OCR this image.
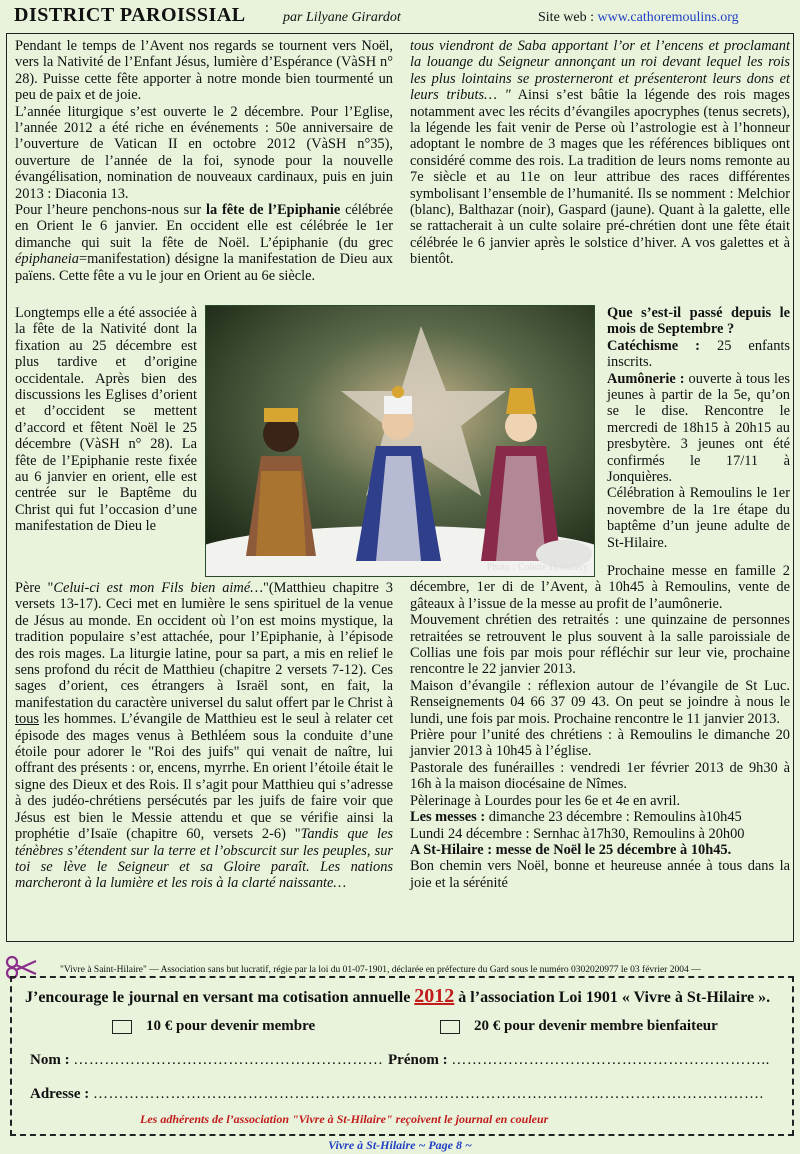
DISTRICT PAROISSIAL	par Lilyane Girardot	Site web : www.cathoremoulins.org

Pendant le temps de l’Avent nos regards se tournent vers Noël, vers la Nativité de l’Enfant Jésus, lumière d’Espérance (VàSH n° 28). Puisse cette fête apporter à notre monde bien tourmenté un peu de paix et de joie.

L’année liturgique s’est ouverte le 2 décembre. Pour l’Eglise, l’année 2012 a été riche en événements : 50e anniversaire de l’ouverture de Vatican II en octobre 2012 (VàSH n°35), ouverture de l’année de la foi, synode pour la nouvelle évangélisation, nomination de nouveaux cardinaux, puis en juin 2013 : Diaconia 13.

Pour l’heure penchons-nous sur la fête de l’Epiphanie célébrée en Orient le 6 janvier. En occident elle est célébrée le 1er dimanche qui suit la fête de Noël. L’épiphanie (du grec épiphaneia=manifestation) désigne la manifestation de Dieu aux païens. Cette fête a vu le jour en Orient au 6e siècle.

Longtemps elle a été associée à la fête de la Nativité dont la fixation au 25 décembre est plus tardive et d’origine occidentale. Après bien des discussions les Eglises d’orient et d’occident se mettent d’accord et fêtent Noël le 25 décembre (VàSH n° 28). La fête de l’Epiphanie reste fixée au 6 janvier en orient, elle est centrée sur le Baptême du Christ qui fut l’occasion d’une manifestation de Dieu le
Photo : Colette Hostaléry
Père "Celui-ci est mon Fils bien aimé…"(Matthieu chapitre 3 versets 13-17). Ceci met en lumière le sens spirituel de la venue de Jésus au monde. En occident où l’on est moins mystique, la tradition populaire s’est attachée, pour l’Epiphanie, à l’épisode des rois mages. La liturgie latine, pour sa part, a mis en relief le sens profond du récit de Matthieu (chapitre 2 versets 7-12). Ces sages d’orient, ces étrangers à Israël sont, en fait, la manifestation du caractère universel du salut offert par le Christ à tous les hommes. L’évangile de Matthieu est le seul à relater cet épisode des mages venus à Bethléem sous la conduite d’une étoile pour adorer le "Roi des juifs" qui venait de naître, lui offrant des présents : or, encens, myrrhe. En orient l’étoile était le signe des Dieux et des Rois. Il s’agit pour Matthieu qui s’adresse à des judéo-chrétiens persécutés par les juifs de faire voir que Jésus est bien le Messie attendu et que se vérifie ainsi la prophétie d’Isaïe (chapitre 60, versets 2-6) "Tandis que les ténèbres s’étendent sur la terre et l’obscurcit sur les peuples, sur toi se lève le Seigneur et sa Gloire paraît. Les nations marcheront à la lumière et les rois à la clarté naissante…
tous viendront de Saba apportant l’or et l’encens et proclamant la louange du Seigneur annonçant un roi devant lequel les rois les plus lointains se prosterneront et présenteront leurs dons et leurs tributs… " Ainsi s’est bâtie la légende des rois mages notamment avec les récits d’évangiles apocryphes (tenus secrets), la légende les fait venir de Perse où l’astrologie est à l’honneur adoptant le nombre de 3 mages que les références bibliques ont considéré comme des rois. La tradition de leurs noms remonte au 7e siècle et au 11e on leur attribue des races différentes symbolisant l’ensemble de l’humanité. Ils se nomment : Melchior (blanc), Balthazar (noir), Gaspard (jaune). Quant à la galette, elle se rattacherait à un culte solaire pré-chrétien dont une fête était célébrée le 6 janvier après le solstice d’hiver. A vos galettes et à bientôt.

Que s’est-il passé depuis le mois de Septembre ?

Catéchisme : 25 enfants inscrits.

Aumônerie : ouverte à tous les jeunes à partir de la 5e, qu’on se le dise. Rencontre le mercredi de 18h15 à 20h15 au presbytère. 3 jeunes ont été confirmés le 17/11 à Jonquières.

Célébration à Remoulins le 1er novembre de la 1re étape du baptême d’un jeune adulte de St-Hilaire.

Prochaine messe en famille 2 décembre, 1er di de l’Avent, à 10h45 à Remoulins, vente de gâteaux à l’issue de la messe au profit de l’aumônerie.

Mouvement chrétien des retraités : une quinzaine de personnes retraitées se retrouvent le plus souvent à la salle paroissiale de Collias une fois par mois pour réfléchir sur leur vie, prochaine rencontre le 22 janvier 2013.

Maison d’évangile : réflexion autour de l’évangile de St Luc. Renseignements 04 66 37 09 43. On peut se joindre à nous le lundi, une fois par mois. Prochaine rencontre le 11 janvier 2013.

Prière pour l’unité des chrétiens : à Remoulins le dimanche 20 janvier 2013 à 10h45 à l’église.

Pastorale des funérailles : vendredi 1er février 2013 de 9h30 à 16h à la maison diocésaine de Nîmes.

Pèlerinage à Lourdes pour les 6e et 4e en avril.

Les messes : dimanche 23 décembre : Remoulins à10h45

Lundi 24 décembre : Sernhac à17h30, Remoulins à 20h00

A St-Hilaire : messe de Noël le 25 décembre à 10h45.

Bon chemin vers Noël, bonne et heureuse année à tous dans la joie et la sérénité

"Vivre à Saint-Hilaire" — Association sans but lucratif, régie par la loi du 01-07-1901, déclarée en préfecture du Gard sous le numéro 0302020977 le 03 février 2004 —
J’encourage le journal en versant ma cotisation annuelle 2012 à l’association Loi 1901 « Vivre à St-Hilaire ».
10 € pour devenir membre	20 € pour devenir membre bienfaiteur
Nom : …………………………………………………… Prénom : ……………………………………………………..
Adresse : ………………………………………………………………………………………………………………….
Les adhérents de l’association "Vivre à St-Hilaire" reçoivent le journal en couleur
Vivre à St-Hilaire ~ Page 8 ~
